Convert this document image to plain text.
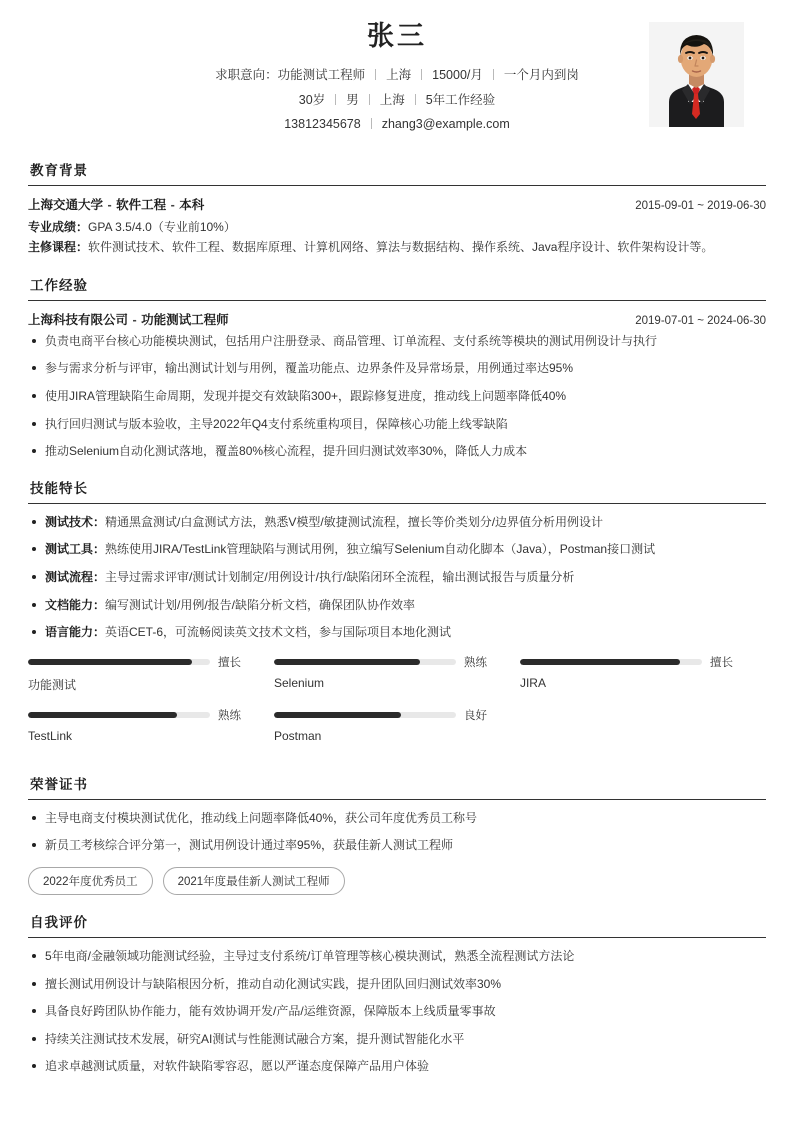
张三
求职意向：功能测试工程师 上海 15000/月 一个月内到岗
30岁 男 上海 5年工作经验
13812345678 zhang3@example.com
教育背景
上海交通大学 - 软件工程 - 本科	2015-09-01 ~ 2019-06-30
专业成绩：GPA 3.5/4.0（专业前10%）
主修课程：软件测试技术、软件工程、数据库原理、计算机网络、算法与数据结构、操作系统、Java程序设计、软件架构设计等。
工作经验
上海科技有限公司 - 功能测试工程师	2019-07-01 ~ 2024-06-30
负责电商平台核心功能模块测试，包括用户注册登录、商品管理、订单流程、支付系统等模块的测试用例设计与执行
参与需求分析与评审，输出测试计划与用例，覆盖功能点、边界条件及异常场景，用例通过率达95%
使用JIRA管理缺陷生命周期，发现并提交有效缺陷300+，跟踪修复进度，推动线上问题率降低40%
执行回归测试与版本验收，主导2022年Q4支付系统重构项目，保障核心功能上线零缺陷
推动Selenium自动化测试落地，覆盖80%核心流程，提升回归测试效率30%，降低人力成本
技能特长
测试技术：精通黑盒测试/白盒测试方法，熟悉V模型/敏捷测试流程，擅长等价类划分/边界值分析用例设计
测试工具：熟练使用JIRA/TestLink管理缺陷与测试用例，独立编写Selenium自动化脚本（Java），Postman接口测试
测试流程：主导过需求评审/测试计划制定/用例设计/执行/缺陷闭环全流程，输出测试报告与质量分析
文档能力：编写测试计划/用例/报告/缺陷分析文档，确保团队协作效率
语言能力：英语CET-6，可流畅阅读英文技术文档，参与国际项目本地化测试
擅长
功能测试
熟练
Selenium
擅长
JIRA
熟练
TestLink
良好
Postman
荣誉证书
主导电商支付模块测试优化，推动线上问题率降低40%，获公司年度优秀员工称号
新员工考核综合评分第一，测试用例设计通过率95%，获最佳新人测试工程师
2022年度优秀员工	2021年度最佳新人测试工程师
自我评价
5年电商/金融领域功能测试经验，主导过支付系统/订单管理等核心模块测试，熟悉全流程测试方法论
擅长测试用例设计与缺陷根因分析，推动自动化测试实践，提升团队回归测试效率30%
具备良好跨团队协作能力，能有效协调开发/产品/运维资源，保障版本上线质量零事故
持续关注测试技术发展，研究AI测试与性能测试融合方案，提升测试智能化水平
追求卓越测试质量，对软件缺陷零容忍，愿以严谨态度保障产品用户体验
